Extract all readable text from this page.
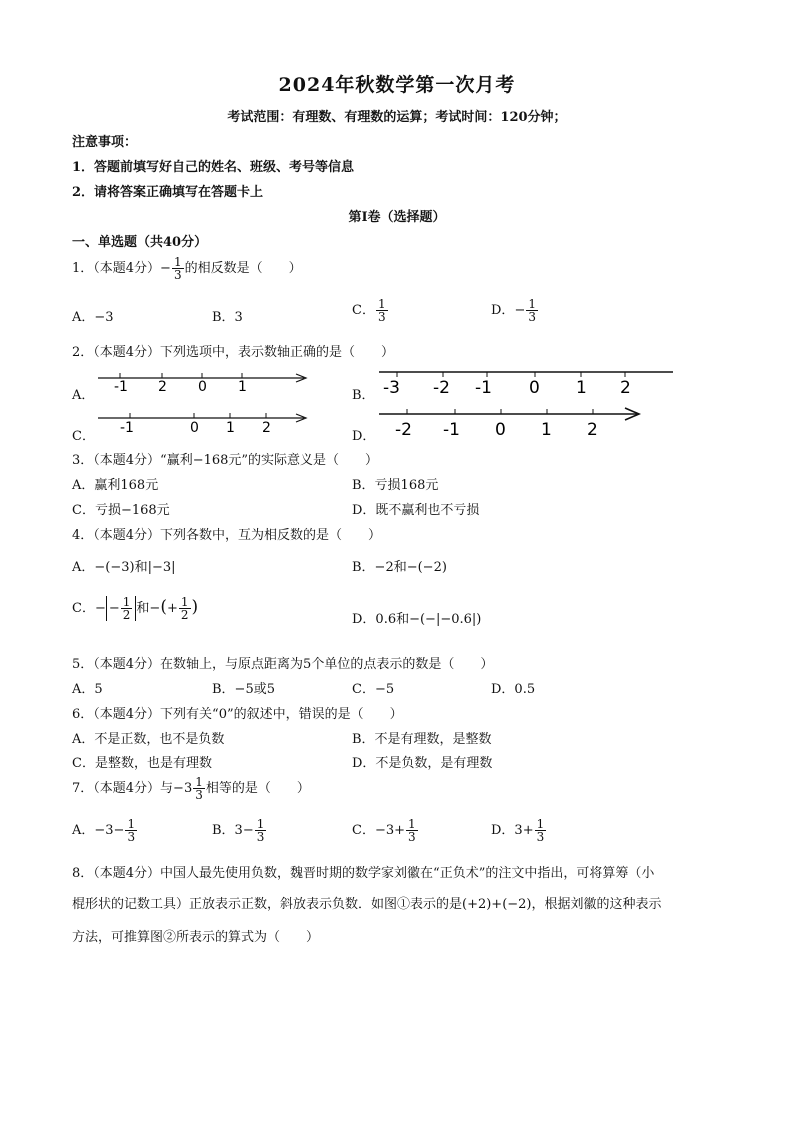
2024年秋数学第一次月考
考试范围：有理数、有理数的运算；考试时间：120分钟；
注意事项：
1．答题前填写好自己的姓名、班级、考号等信息
2．请将答案正确填写在答题卡上
第Ⅰ卷（选择题）
一、单选题（共40分）
1．（本题4分）− $\frac{1}{3}$ 的相反数是（　　）
A．−3	B．3	C． $\frac{1}{3}$	D．− $\frac{1}{3}$
2．（本题4分）下列选项中，表示数轴正确的是（　　）
A．	B．
C．	D．
-1 2 0 1	-3 -2 -1 0 1 2
-1	0 1 2	-2 -1 0 1 2
3．（本题4分）“赢利−168元”的实际意义是（　　）
A．赢利168元	B．亏损168元
C．亏损−168元	D．既不赢利也不亏损
4．（本题4分）下列各数中，互为相反数的是（　　）
A．−(−3)和|−3|	B．−2和−(−2)
C．− − $\frac{1}{2}$ 和−(+ $\frac{1}{2}$ )
D．0.6和−(−|−0.6|)
5．（本题4分）在数轴上，与原点距离为5个单位的点表示的数是（　　）
A．5	B．−5或5	C．−5	D．0.5
6．（本题4分）下列有关“0”的叙述中，错误的是（　　）
A．不是正数，也不是负数	B．不是有理数，是整数
C．是整数，也是有理数	D．不是负数，是有理数
7．（本题4分）与$-3 \frac{1}{3}$ 相等的是（　　）
A．$-3- \frac{1}{3}$	B．$3- \frac{1}{3}$	C．$-3+ \frac{1}{3}$	D．$3+ \frac{1}{3}$
8．（本题4分）中国人最先使用负数，魏晋时期的数学家刘徽在“正负术”的注文中指出，可将算筹（小
棍形状的记数工具）正放表示正数，斜放表示负数．如图①表示的是(+2)+(−2)，根据刘徽的这种表示
方法，可推算图②所表示的算式为（　　）
